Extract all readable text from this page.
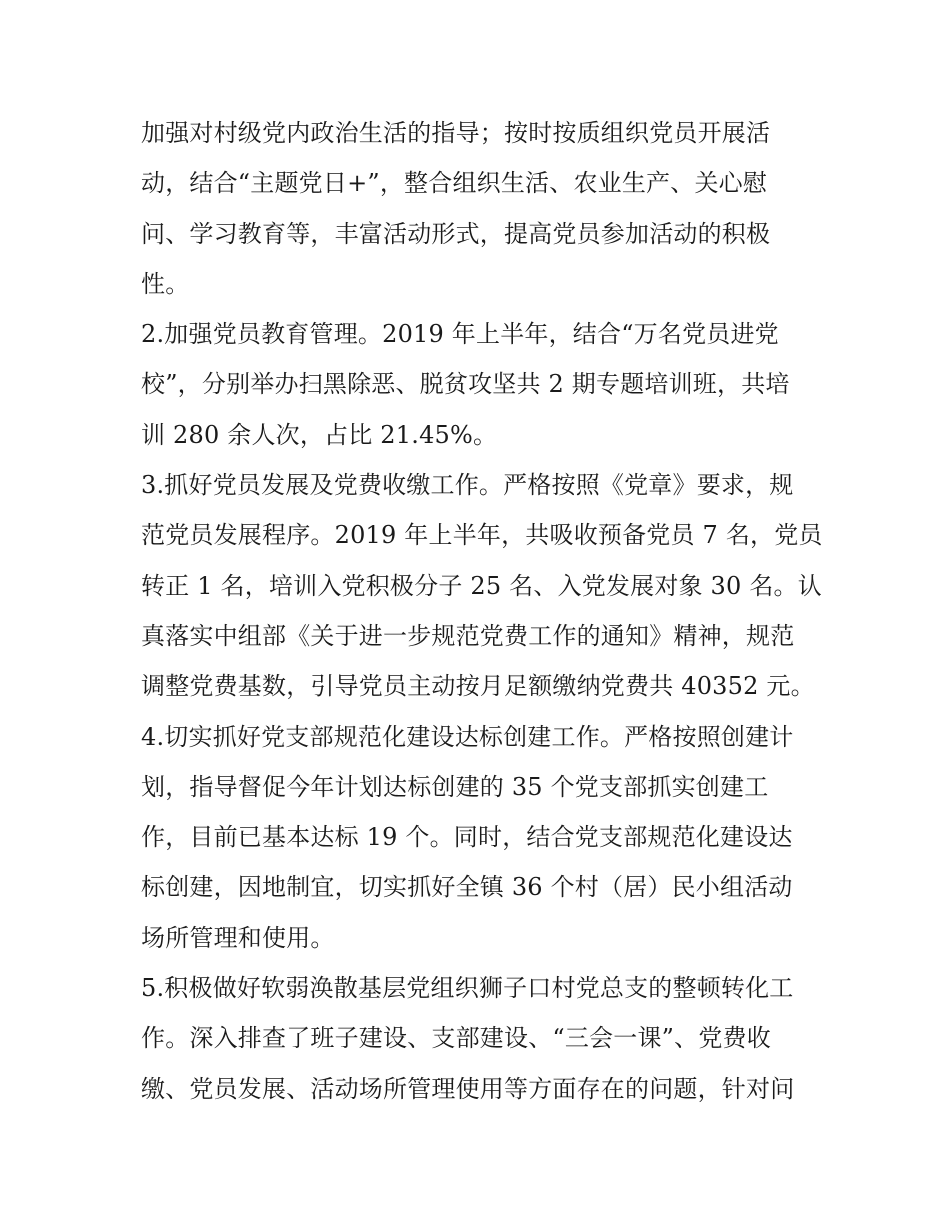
加强对村级党内政治生活的指导；按时按质组织党员开展活
动，结合“主题党日+”，整合组织生活、农业生产、关心慰
问、学习教育等，丰富活动形式，提高党员参加活动的积极
性。
2.加强党员教育管理。2019 年上半年，结合“万名党员进党
校”，分别举办扫黑除恶、脱贫攻坚共 2 期专题培训班，共培
训 280 余人次，占比 21.45%。
3.抓好党员发展及党费收缴工作。严格按照《党章》要求，规
范党员发展程序。2019 年上半年，共吸收预备党员 7 名，党员
转正 1 名，培训入党积极分子 25 名、入党发展对象 30 名。认
真落实中组部《关于进一步规范党费工作的通知》精神，规范
调整党费基数，引导党员主动按月足额缴纳党费共 40352 元。
4.切实抓好党支部规范化建设达标创建工作。严格按照创建计
划，指导督促今年计划达标创建的 35 个党支部抓实创建工
作，目前已基本达标 19 个。同时，结合党支部规范化建设达
标创建，因地制宜，切实抓好全镇 36 个村（居）民小组活动
场所管理和使用。
5.积极做好软弱涣散基层党组织狮子口村党总支的整顿转化工
作。深入排查了班子建设、支部建设、“三会一课”、党费收
缴、党员发展、活动场所管理使用等方面存在的问题，针对问
